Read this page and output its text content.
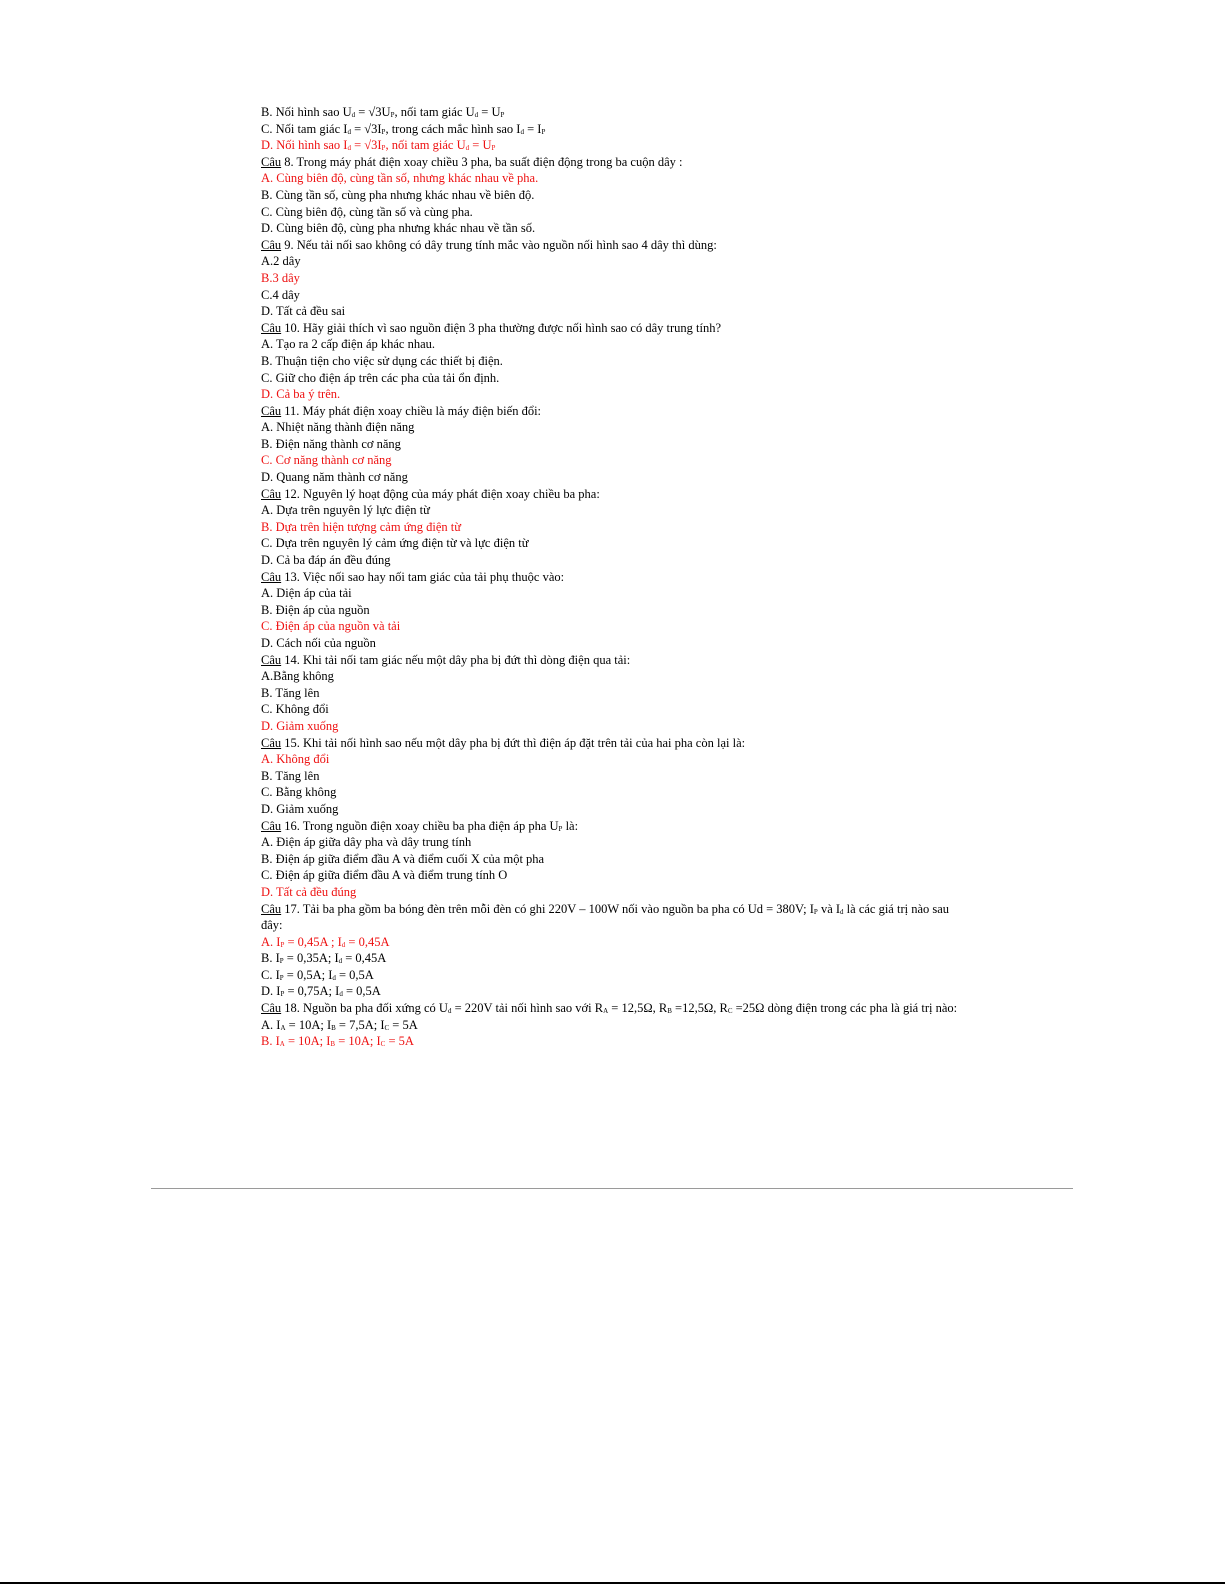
B. Nối hình sao $U_d = √3U_P$, nối tam giác $U_d = U_P$
C. Nối tam giác $I_d = √3I_P$, trong cách mắc hình sao $I_d = I_P$
D. Nối hình sao $I_d = √3I_P$, nối tam giác $U_d = U_P$
Câu 8. Trong máy phát điện xoay chiều 3 pha, ba suất điện động trong ba cuộn dây :
A. Cùng biên độ, cùng tần số, nhưng khác nhau về pha.
B. Cùng tần số, cùng pha nhưng khác nhau về biên độ.
C. Cùng biên độ, cùng tần số và cùng pha.
D. Cùng biên độ, cùng pha nhưng khác nhau về tần số.
Câu 9. Nếu tải nối sao không có dây trung tính mắc vào nguồn nối hình sao 4 dây thì dùng:
A.2 dây
B.3 dây
C.4 dây
D. Tất cả đều sai
Câu 10. Hãy giải thích vì sao nguồn điện 3 pha thường được nối hình sao có dây trung tính?
A. Tạo ra 2 cấp điện áp khác nhau.
B. Thuận tiện cho việc sử dụng các thiết bị điện.
C. Giữ cho điện áp trên các pha của tải ổn định.
D. Cả ba ý trên.
Câu 11. Máy phát điện xoay chiều là máy điện biến đổi:
A. Nhiệt năng thành điện năng
B. Điện năng thành cơ năng
C. Cơ năng thành cơ năng
D. Quang năm thành cơ năng
Câu 12. Nguyên lý hoạt động của máy phát điện xoay chiều ba pha:
A. Dựa trên nguyên lý lực điện từ
B. Dựa trên hiện tượng cảm ứng điện từ
C. Dựa trên nguyên lý cảm ứng điện từ và lực điện từ
D. Cả ba đáp án đều đúng
Câu 13. Việc nối sao hay nối tam giác của tải phụ thuộc vào:
A. Diện áp của tải
B. Điện áp của nguồn
C. Điện áp của nguồn và tải
D. Cách nối của nguồn
Câu 14. Khi tải nối tam giác nếu một dây pha bị đứt thì dòng điện qua tải:
A.Bằng không
B. Tăng lên
C. Không đổi
D. Giảm xuống
Câu 15. Khi tải nối hình sao nếu một dây pha bị đứt thì điện áp đặt trên tải của hai pha còn lại là:
A. Không đổi
B. Tăng lên
C. Bằng không
D. Giảm xuống
Câu 16. Trong nguồn điện xoay chiều ba pha điện áp pha $U_P$ là:
A. Điện áp giữa dây pha và dây trung tính
B. Điện áp giữa điểm đầu A và điểm cuối X của một pha
C. Điện áp giữa điểm đầu A và điểm trung tính O
D. Tất cả đều đúng
Câu 17. Tải ba pha gồm ba bóng đèn trên mỗi đèn có ghi 220V – 100W nối vào nguồn ba pha có Ud = 380V; $I_P$ và $I_d$ là các giá trị nào sau đây:
A. $I_P = 0,45A$ ; $I_d = 0,45A$
B. $I_P = 0,35A$; $I_d = 0,45A$
C. $I_P = 0,5A$; $I_d = 0,5A$
D. $I_P = 0,75A$; $I_d = 0,5A$
Câu 18. Nguồn ba pha đối xứng có $U_d = 220V$ tải nối hình sao với $R_A = 12,5\Omega$, $R_B =12,5\Omega$, $R_C =25\Omega$ dòng điện trong các pha là giá trị nào:
A. $I_A = 10A$; $I_B = 7,5A$; $I_C = 5A$
B. $I_A = 10A$; $I_B = 10A$; $I_C = 5A$
